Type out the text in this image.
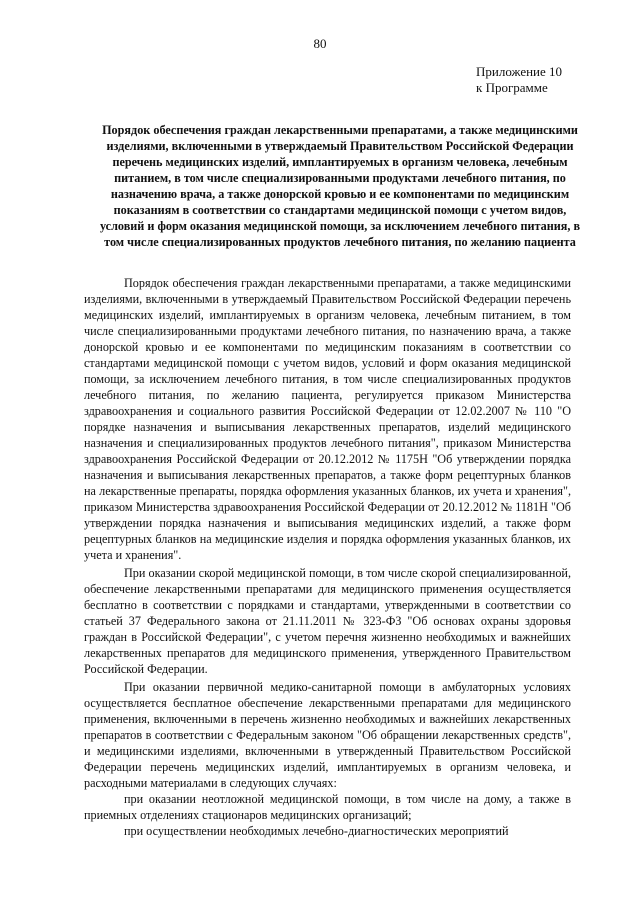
80
Приложение 10
к Программе
Порядок обеспечения граждан лекарственными препаратами, а также медицинскими изделиями, включенными в утверждаемый Правительством Российской Федерации перечень медицинских изделий, имплантируемых в организм человека, лечебным питанием, в том числе специализированными продуктами лечебного питания, по назначению врача, а также донорской кровью и ее компонентами по медицинским показаниям в соответствии со стандартами медицинской помощи с учетом видов, условий и форм оказания медицинской помощи, за исключением лечебного питания, в том числе специализированных продуктов лечебного питания, по желанию пациента

Порядок обеспечения граждан лекарственными препаратами, а также медицинскими изделиями, включенными в утверждаемый Правительством Российской Федерации перечень медицинских изделий, имплантируемых в организм человека, лечебным питанием, в том числе специализированными продуктами лечебного питания, по назначению врача, а также донорской кровью и ее компонентами по медицинским показаниям в соответствии со стандартами медицинской помощи с учетом видов, условий и форм оказания медицинской помощи, за исключением лечебного питания, в том числе специализированных продуктов лечебного питания, по желанию пациента, регулируется приказом Министерства здравоохранения и социального развития Российской Федерации от 12.02.2007 № 110 "О порядке назначения и выписывания лекарственных препаратов, изделий медицинского назначения и специализированных продуктов лечебного питания", приказом Министерства здравоохранения Российской Федерации от 20.12.2012 № 1175Н "Об утверждении порядка назначения и выписывания лекарственных препаратов, а также форм рецептурных бланков на лекарственные препараты, порядка оформления указанных бланков, их учета и хранения", приказом Министерства здравоохранения Российской Федерации от 20.12.2012 № 1181Н "Об утверждении порядка назначения и выписывания медицинских изделий, а также форм рецептурных бланков на медицинские изделия и порядка оформления указанных бланков, их учета и хранения".

При оказании скорой медицинской помощи, в том числе скорой специализированной, обеспечение лекарственными препаратами для медицинского применения осуществляется бесплатно в соответствии с порядками и стандартами, утвержденными в соответствии со статьей 37 Федерального закона от 21.11.2011 № 323-ФЗ "Об основах охраны здоровья граждан в Российской Федерации", с учетом перечня жизненно необходимых и важнейших лекарственных препаратов для медицинского применения, утвержденного Правительством Российской Федерации.

При оказании первичной медико-санитарной помощи в амбулаторных условиях осуществляется бесплатное обеспечение лекарственными препаратами для медицинского применения, включенными в перечень жизненно необходимых и важнейших лекарственных препаратов в соответствии с Федеральным законом "Об обращении лекарственных средств", и медицинскими изделиями, включенными в утвержденный Правительством Российской Федерации перечень медицинских изделий, имплантируемых в организм человека, и расходными материалами в следующих случаях:

при оказании неотложной медицинской помощи, в том числе на дому, а также в приемных отделениях стационаров медицинских организаций;

при осуществлении необходимых лечебно-диагностических мероприятий
